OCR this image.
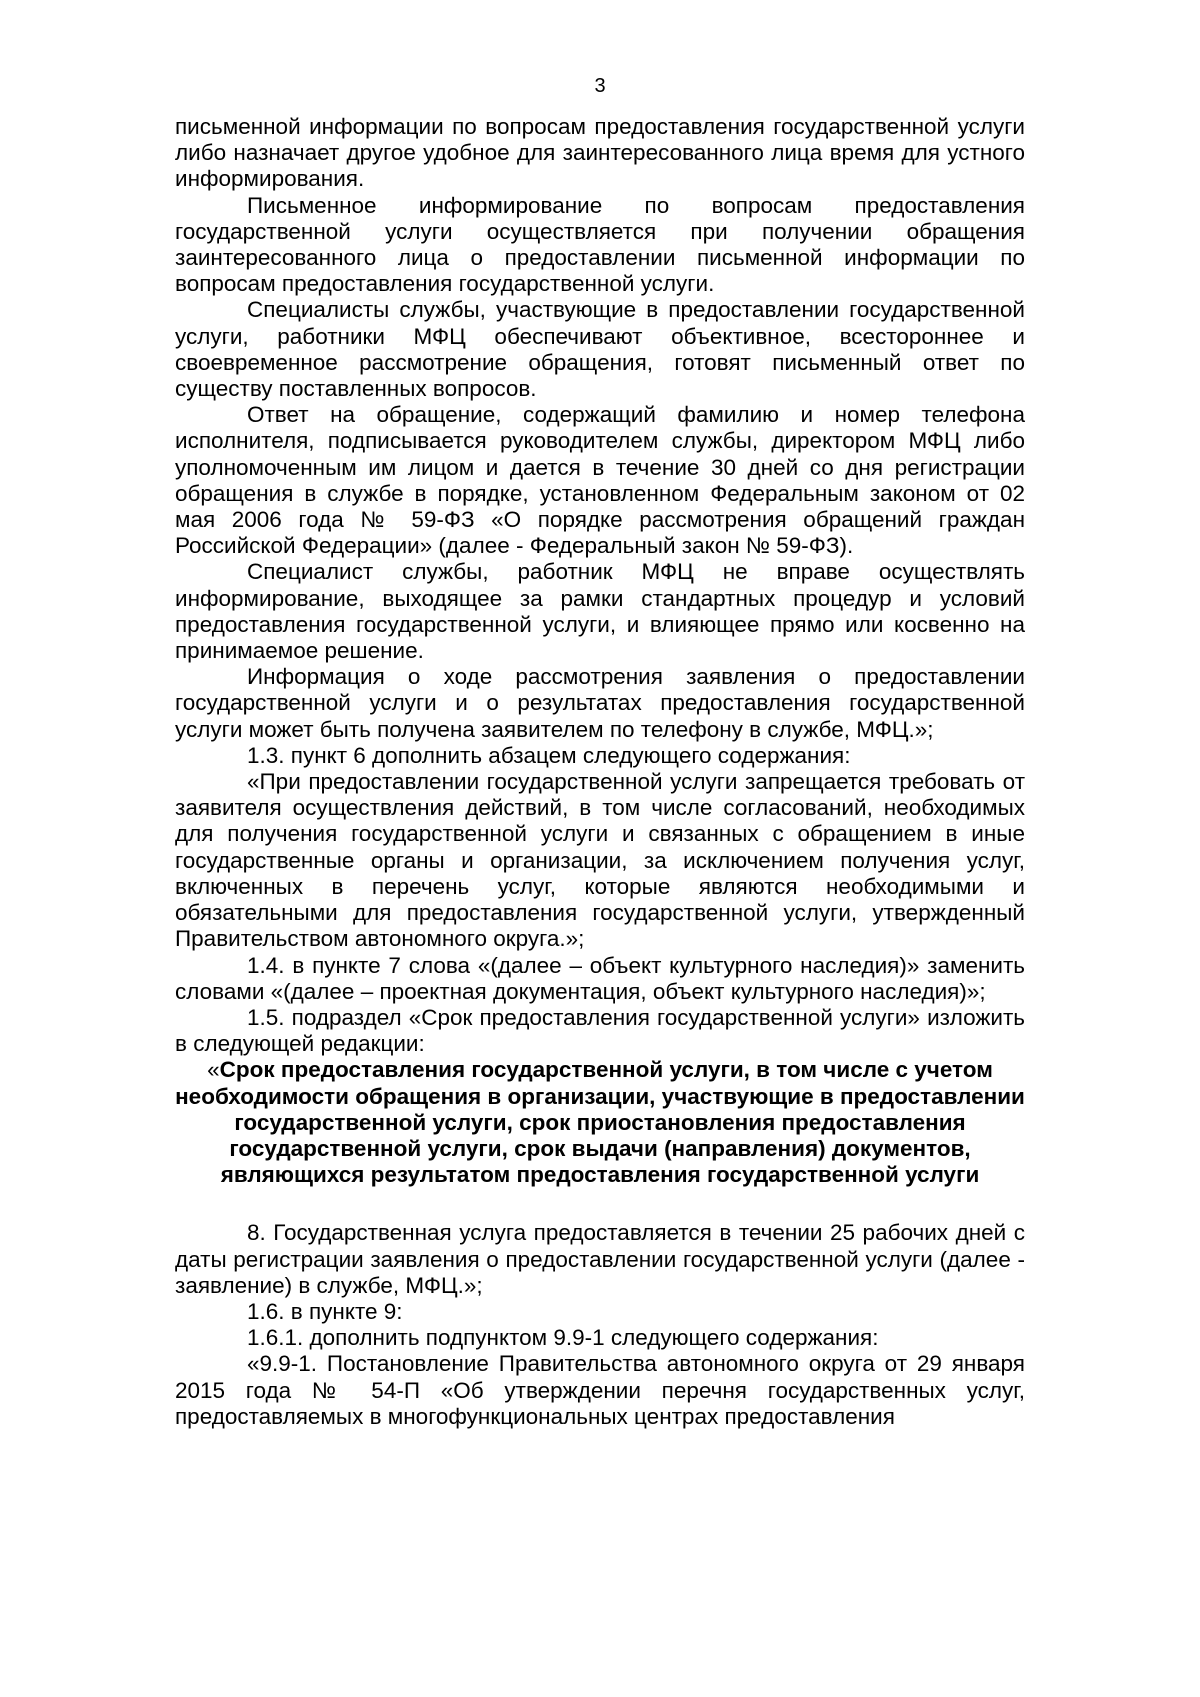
3

письменной информации по вопросам предоставления государственной услуги либо назначает другое удобное для заинтересованного лица время для устного информирования.

Письменное информирование по вопросам предоставления государственной услуги осуществляется при получении обращения заинтересованного лица о предоставлении письменной информации по вопросам предоставления государственной услуги.

Специалисты службы, участвующие в предоставлении государственной услуги, работники МФЦ обеспечивают объективное, всестороннее и своевременное рассмотрение обращения, готовят письменный ответ по существу поставленных вопросов.

Ответ на обращение, содержащий фамилию и номер телефона исполнителя, подписывается руководителем службы, директором МФЦ либо уполномоченным им лицом и дается в течение 30 дней со дня регистрации обращения в службе в порядке, установленном Федеральным законом от 02 мая 2006 года № 59-ФЗ «О порядке рассмотрения обращений граждан Российской Федерации» (далее - Федеральный закон № 59-ФЗ).

Специалист службы, работник МФЦ не вправе осуществлять информирование, выходящее за рамки стандартных процедур и условий предоставления государственной услуги, и влияющее прямо или косвенно на принимаемое решение.

Информация о ходе рассмотрения заявления о предоставлении государственной услуги и о результатах предоставления государственной услуги может быть получена заявителем по телефону в службе, МФЦ.»;

1.3. пункт 6 дополнить абзацем следующего содержания:

«При предоставлении государственной услуги запрещается требовать от заявителя осуществления действий, в том числе согласований, необходимых для получения государственной услуги и связанных с обращением в иные государственные органы и организации, за исключением получения услуг, включенных в перечень услуг, которые являются необходимыми и обязательными для предоставления государственной услуги, утвержденный Правительством автономного округа.»;

1.4. в пункте 7 слова «(далее – объект культурного наследия)» заменить словами «(далее – проектная документация, объект культурного наследия)»;

1.5. подраздел «Срок предоставления государственной услуги» изложить в следующей редакции:

«Срок предоставления государственной услуги, в том числе с учетом необходимости обращения в организации, участвующие в предоставлении государственной услуги, срок приостановления предоставления государственной услуги, срок выдачи (направления) документов, являющихся результатом предоставления государственной услуги

8. Государственная услуга предоставляется в течении 25 рабочих дней с даты регистрации заявления о предоставлении государственной услуги (далее - заявление) в службе, МФЦ.»;

1.6. в пункте 9:

1.6.1. дополнить подпунктом 9.9-1 следующего содержания:

«9.9-1. Постановление Правительства автономного округа от 29 января 2015 года № 54-П «Об утверждении перечня государственных услуг, предоставляемых в многофункциональных центрах предоставления
